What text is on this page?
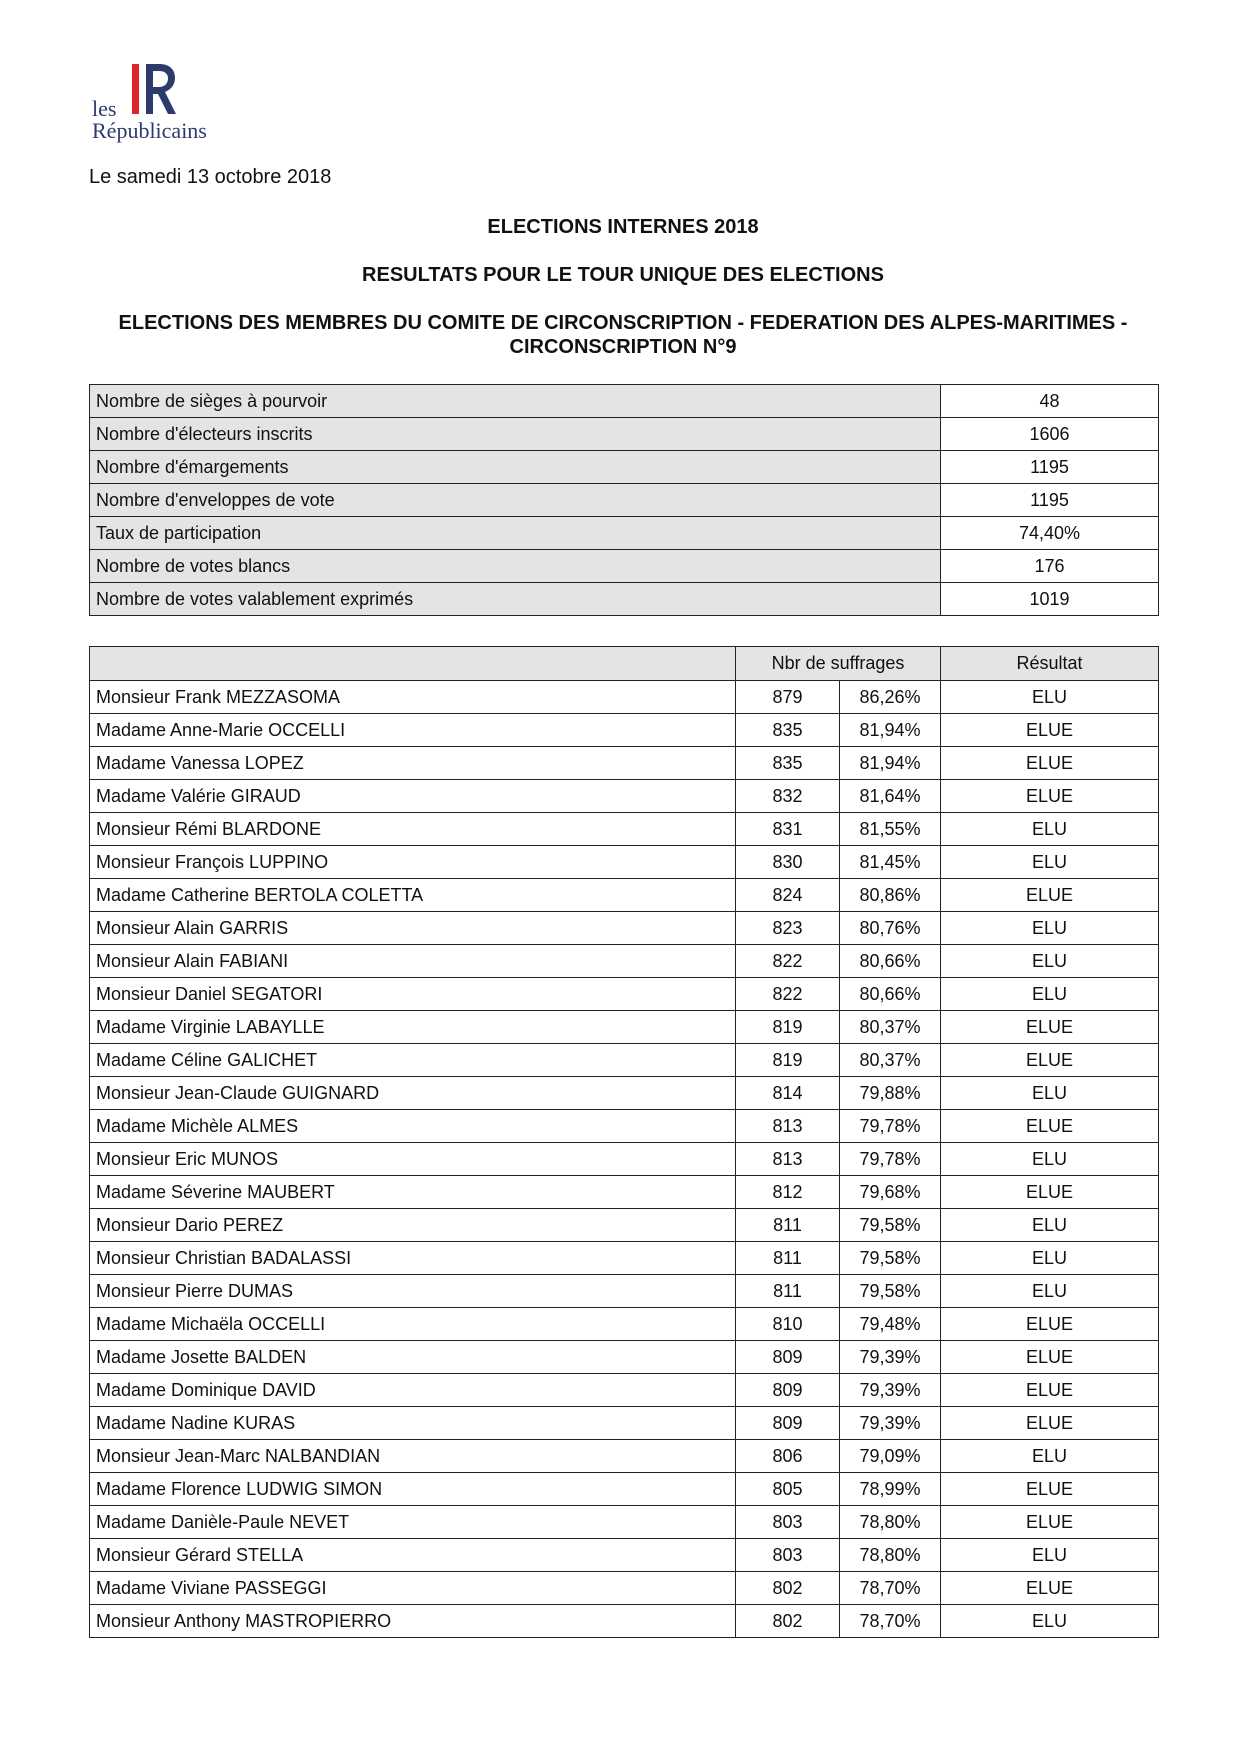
les
Républicains
Le samedi 13 octobre 2018
ELECTIONS INTERNES 2018
RESULTATS POUR LE TOUR UNIQUE DES ELECTIONS
ELECTIONS DES MEMBRES DU COMITE DE CIRCONSCRIPTION - FEDERATION DES ALPES-MARITIMES -
CIRCONSCRIPTION N°9
Nombre de sièges à pourvoir	48
Nombre d'électeurs inscrits	1606
Nombre d'émargements	1195
Nombre d'enveloppes de vote	1195
Taux de participation	74,40%
Nombre de votes blancs	176
Nombre de votes valablement exprimés	1019
	Nbr de suffrages		Résultat
Monsieur Frank MEZZASOMA	879	86,26%	ELU
Madame Anne-Marie OCCELLI	835	81,94%	ELUE
Madame Vanessa LOPEZ	835	81,94%	ELUE
Madame Valérie GIRAUD	832	81,64%	ELUE
Monsieur Rémi BLARDONE	831	81,55%	ELU
Monsieur François LUPPINO	830	81,45%	ELU
Madame Catherine BERTOLA COLETTA	824	80,86%	ELUE
Monsieur Alain GARRIS	823	80,76%	ELU
Monsieur Alain FABIANI	822	80,66%	ELU
Monsieur Daniel SEGATORI	822	80,66%	ELU
Madame Virginie LABAYLLE	819	80,37%	ELUE
Madame Céline GALICHET	819	80,37%	ELUE
Monsieur Jean-Claude GUIGNARD	814	79,88%	ELU
Madame Michèle ALMES	813	79,78%	ELUE
Monsieur Eric MUNOS	813	79,78%	ELU
Madame Séverine MAUBERT	812	79,68%	ELUE
Monsieur Dario PEREZ	811	79,58%	ELU
Monsieur Christian BADALASSI	811	79,58%	ELU
Monsieur Pierre DUMAS	811	79,58%	ELU
Madame Michaëla OCCELLI	810	79,48%	ELUE
Madame Josette BALDEN	809	79,39%	ELUE
Madame Dominique DAVID	809	79,39%	ELUE
Madame Nadine KURAS	809	79,39%	ELUE
Monsieur Jean-Marc NALBANDIAN	806	79,09%	ELU
Madame Florence LUDWIG SIMON	805	78,99%	ELUE
Madame Danièle-Paule NEVET	803	78,80%	ELUE
Monsieur Gérard STELLA	803	78,80%	ELU
Madame Viviane PASSEGGI	802	78,70%	ELUE
Monsieur Anthony MASTROPIERRO	802	78,70%	ELU
